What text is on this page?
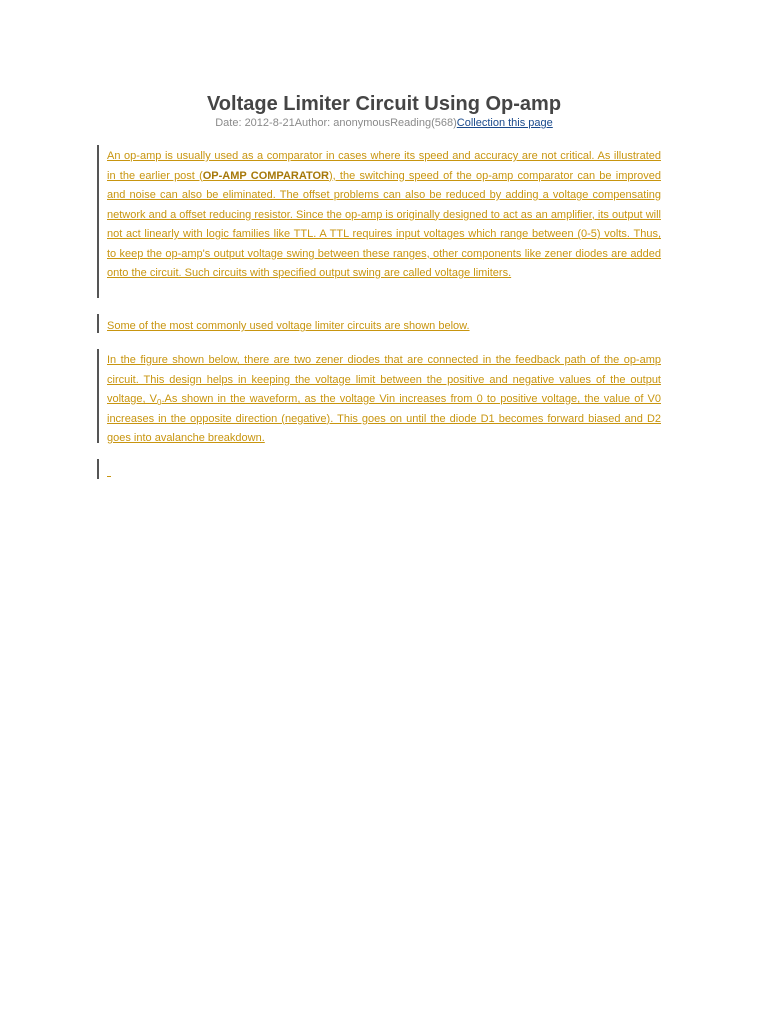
Voltage Limiter Circuit Using Op-amp
Date: 2012-8-21Author: anonymousReading(568)Collection this page
An op-amp is usually used as a comparator in cases where its speed and accuracy are not critical. As illustrated in the earlier post (OP-AMP COMPARATOR), the switching speed of the op-amp comparator can be improved and noise can also be eliminated. The offset problems can also be reduced by adding a voltage compensating network and a offset reducing resistor. Since the op-amp is originally designed to act as an amplifier, its output will not act linearly with logic families like TTL. A TTL requires input voltages which range between (0-5) volts. Thus, to keep the op-amp's output voltage swing between these ranges, other components like zener diodes are added onto the circuit. Such circuits with specified output swing are called voltage limiters.
Some of the most commonly used voltage limiter circuits are shown below.
In the figure shown below, there are two zener diodes that are connected in the feedback path of the op-amp circuit. This design helps in keeping the voltage limit between the positive and negative values of the output voltage, $V_0.As$ shown in the waveform, as the voltage Vin increases from 0 to positive voltage, the value of V0 increases in the opposite direction (negative). This goes on until the diode D1 becomes forward biased and D2 goes into avalanche breakdown.
